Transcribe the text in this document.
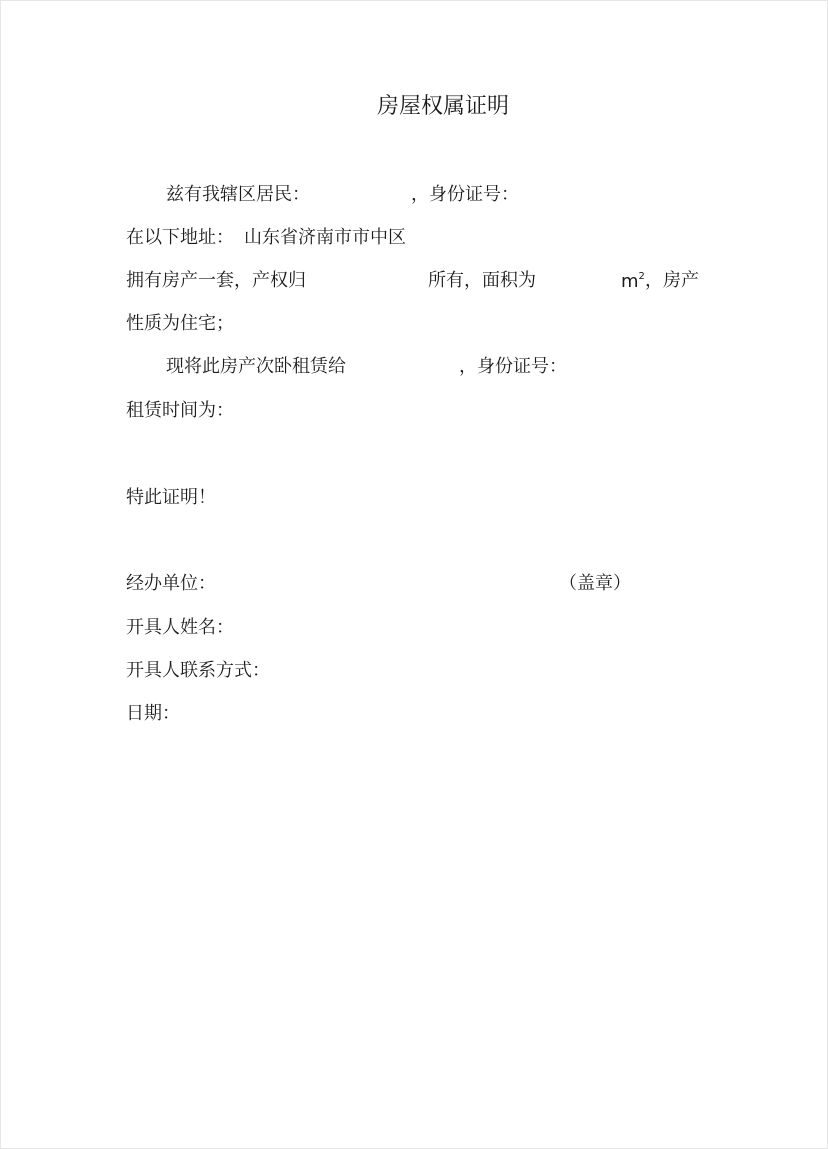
房屋权属证明
兹有我辖区居民：	，身份证号：
在以下地址： 山东省济南市市中区
拥有房产一套，产权归	所有，面积为	$m^2$ ，房产
性质为住宅；
现将此房产次卧租赁给	，身份证号：
租赁时间为：
特此证明！
经办单位：	（盖章）
开具人姓名：
开具人联系方式：
日期：
